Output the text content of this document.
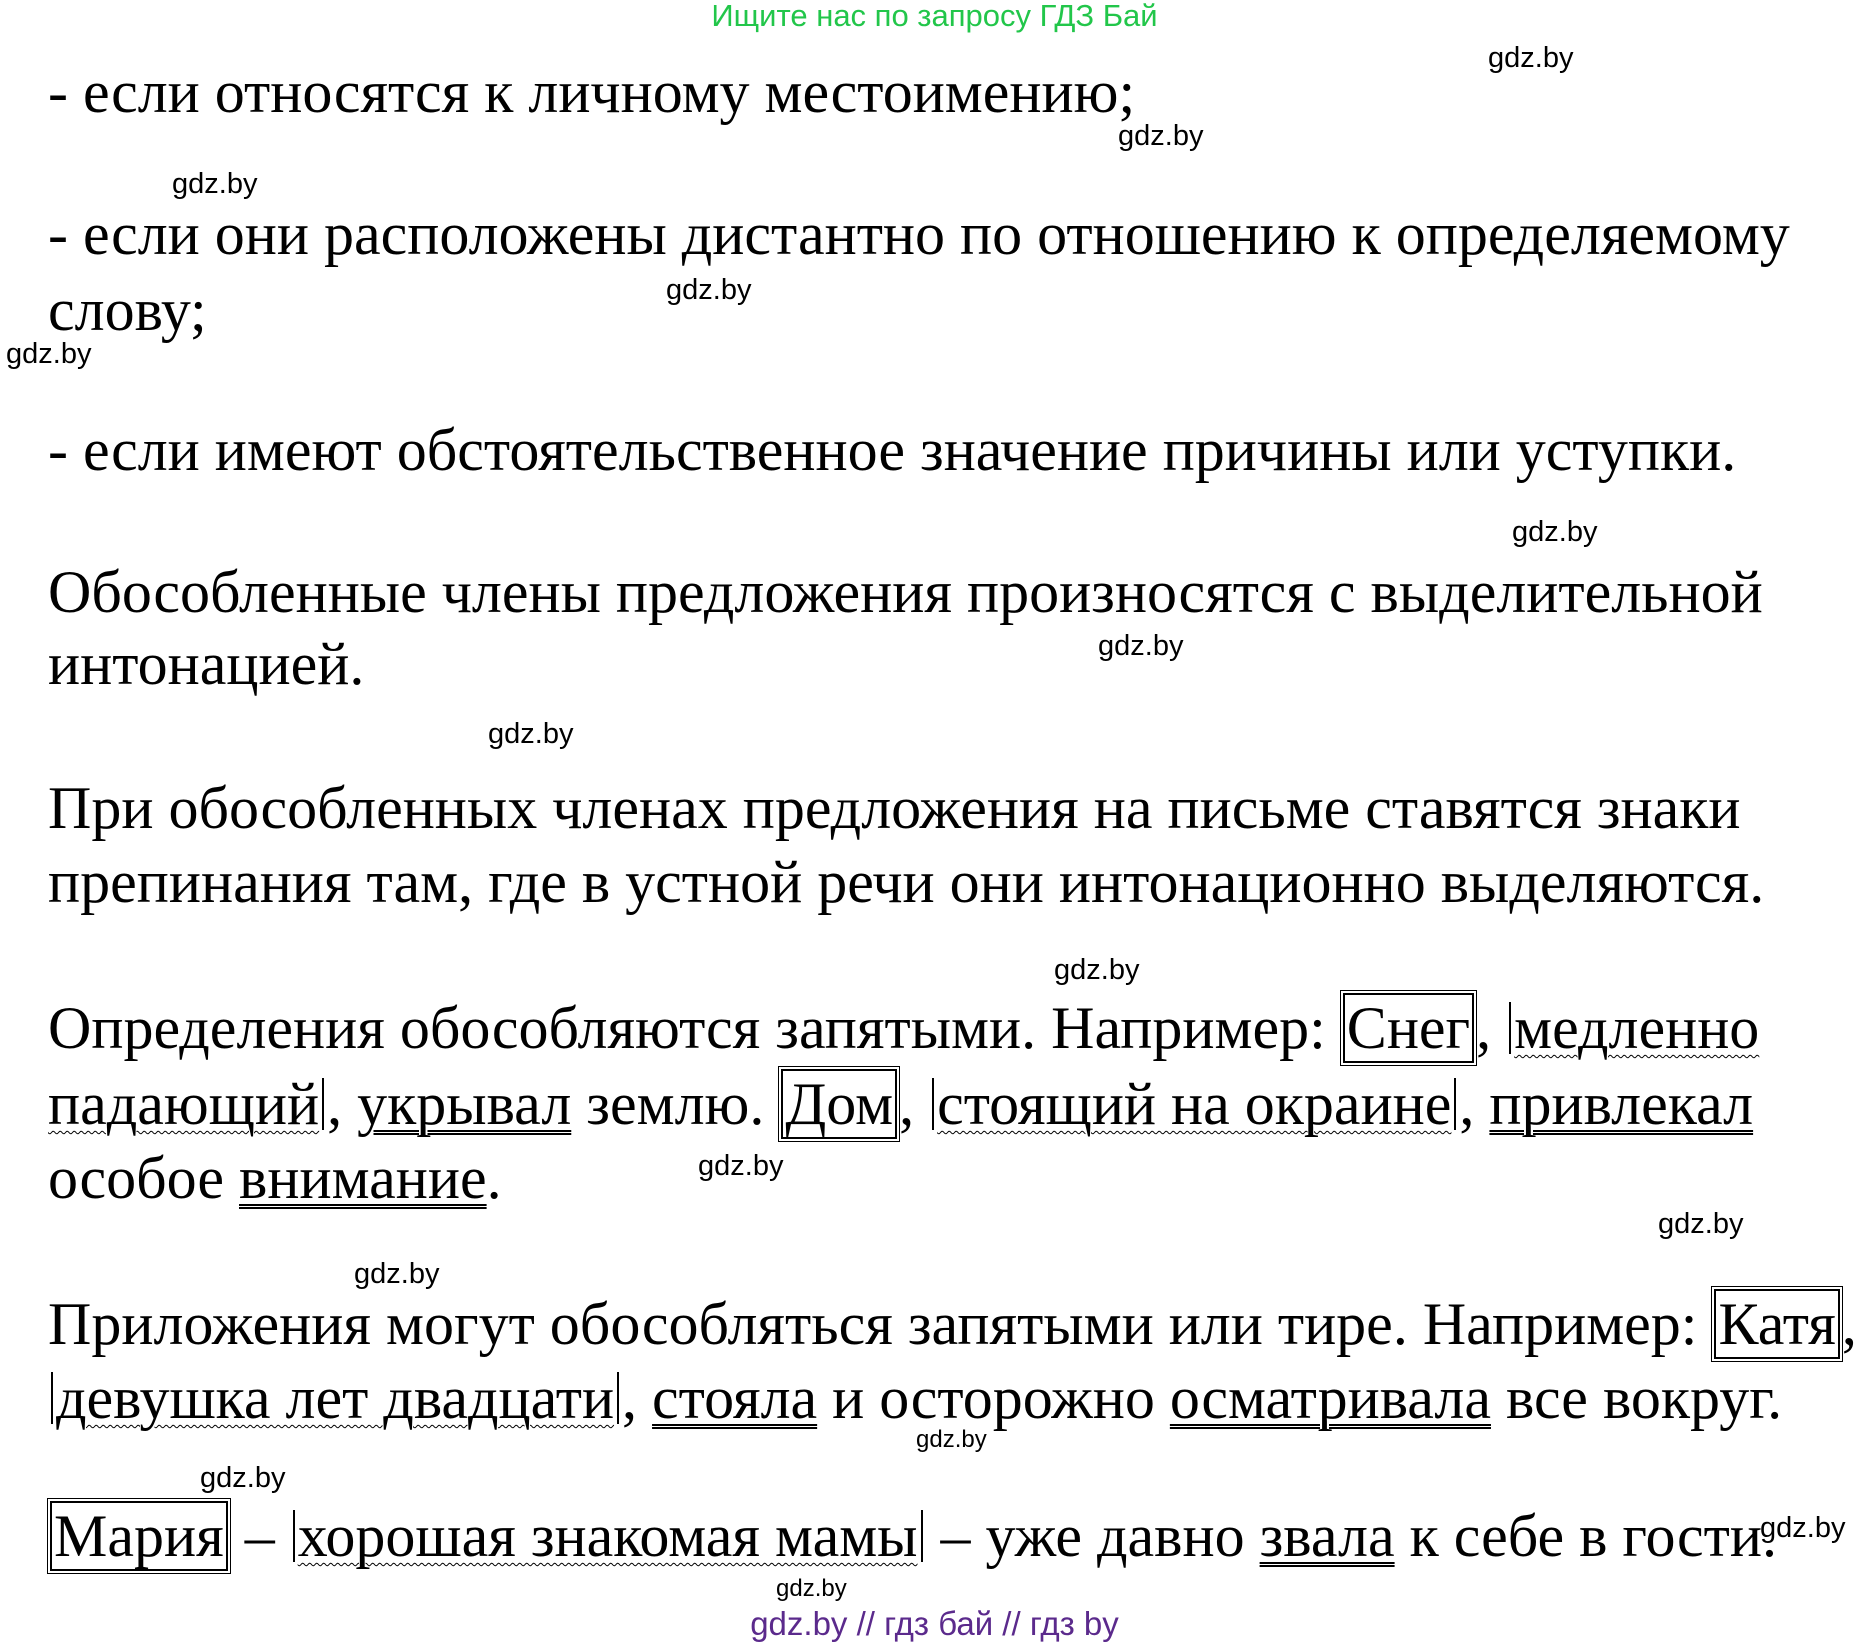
Ищите нас по запросу ГДЗ Бай
gdz.by
gdz.by
gdz.by
gdz.by
gdz.by
gdz.by
gdz.by
gdz.by
gdz.by
gdz.by
gdz.by
gdz.by
gdz.by
gdz.by
gdz.by
gdz.by
- если относятся к личному местоимению;
- если они расположены дистантно по отношению к определяемому
слову;
- если имеют обстоятельственное значение причины или уступки.
Обособленные члены предложения произносятся с выделительной
интонацией.
При обособленных членах предложения на письме ставятся знаки
препинания там, где в устной речи они интонационно выделяются.
Определения обособляются запятыми. Например: Снег , медленно
падающий , укрывал землю. Дом , стоящий на окраине , привлекал
особое внимание.
Приложения могут обособляться запятыми или тире. Например: Катя ,
девушка лет двадцати , стояла и осторожно осматривала все вокруг.
Мария – хорошая знакомая мамы – уже давно звала к себе в гости.
gdz.by // гдз бай // гдз by
